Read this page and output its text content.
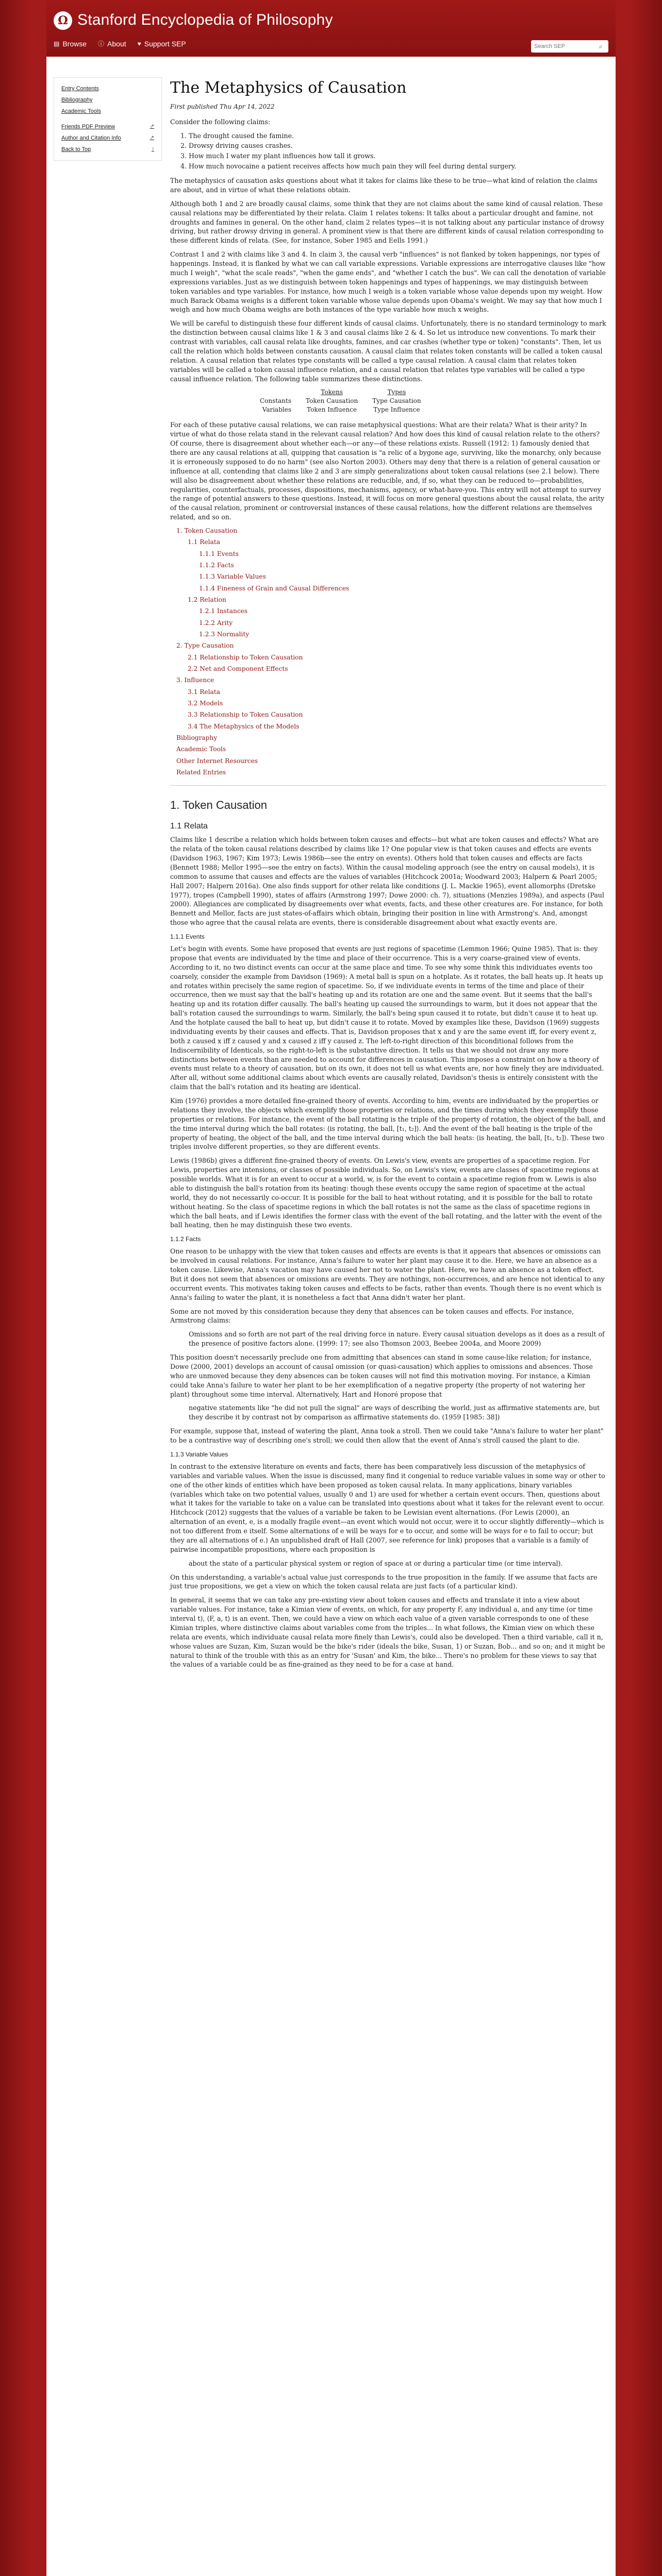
Ω Stanford Encyclopedia of Philosophy
▤ Browse ⓘ About ♥ Support SEP
Search SEP	⌕
Entry Contents
Bibliography
Academic Tools
Friends PDF Preview	↗
Author and Citation Info	↗
Back to Top	↑
The Metaphysics of Causation
First published Thu Apr 14, 2022

Consider the following claims:

1. The drought caused the famine.
2. Drowsy driving causes crashes.
3. How much I water my plant influences how tall it grows.
4. How much novocaine a patient receives affects how much pain they will feel during dental surgery.

The metaphysics of causation asks questions about what it takes for claims like these to be true—what kind of relation the claims are about, and in virtue of what these relations obtain.

Although both 1 and 2 are broadly causal claims, some think that they are not claims about the same kind of causal relation. These causal relations may be differentiated by their relata. Claim 1 relates tokens: It talks about a particular drought and famine, not droughts and famines in general. On the other hand, claim 2 relates types—it is not talking about any particular instance of drowsy driving, but rather drowsy driving in general. A prominent view is that there are different kinds of causal relation corresponding to these different kinds of relata. (See, for instance, Sober 1985 and Eells 1991.)

Contrast 1 and 2 with claims like 3 and 4. In claim 3, the causal verb "influences" is not flanked by token happenings, nor types of happenings. Instead, it is flanked by what we can call variable expressions. Variable expressions are interrogative clauses like "how much I weigh", "what the scale reads", "when the game ends", and "whether I catch the bus". We can call the denotation of variable expressions variables. Just as we distinguish between token happenings and types of happenings, we may distinguish between token variables and type variables. For instance, how much I weigh is a token variable whose value depends upon my weight. How much Barack Obama weighs is a different token variable whose value depends upon Obama's weight. We may say that how much I weigh and how much Obama weighs are both instances of the type variable how much x weighs.

We will be careful to distinguish these four different kinds of causal claims. Unfortunately, there is no standard terminology to mark the distinction between causal claims like 1 & 3 and causal claims like 2 & 4. So let us introduce new conventions. To mark their contrast with variables, call causal relata like droughts, famines, and car crashes (whether type or token) "constants". Then, let us call the relation which holds between constants causation. A causal claim that relates token constants will be called a token causal relation. A causal relation that relates type constants will be called a type causal relation. A causal claim that relates token variables will be called a token causal influence relation, and a causal relation that relates type variables will be called a type causal influence relation. The following table summarizes these distinctions.

	Tokens	Types
Constants	Token Causation	Type Causation
Variables	Token Influence	Type Influence

For each of these putative causal relations, we can raise metaphysical questions: What are their relata? What is their arity? In virtue of what do those relata stand in the relevant causal relation? And how does this kind of causal relation relate to the others? Of course, there is disagreement about whether each—or any—of these relations exists. Russell (1912: 1) famously denied that there are any causal relations at all, quipping that causation is "a relic of a bygone age, surviving, like the monarchy, only because it is erroneously supposed to do no harm" (see also Norton 2003). Others may deny that there is a relation of general causation or influence at all, contending that claims like 2 and 3 are simply generalizations about token causal relations (see 2.1 below). There will also be disagreement about whether these relations are reducible, and, if so, what they can be reduced to—probabilities, regularities, counterfactuals, processes, dispositions, mechanisms, agency, or what-have-you. This entry will not attempt to survey the range of potential answers to these questions. Instead, it will focus on more general questions about the causal relata, the arity of the causal relation, prominent or controversial instances of these causal relations, how the different relations are themselves related, and so on.

1. Token Causation
1.1 Relata
1.1.1 Events
1.1.2 Facts
1.1.3 Variable Values
1.1.4 Fineness of Grain and Causal Differences
1.2 Relation
1.2.1 Instances
1.2.2 Arity
1.2.3 Normality
2. Type Causation
2.1 Relationship to Token Causation
2.2 Net and Component Effects
3. Influence
3.1 Relata
3.2 Models
3.3 Relationship to Token Causation
3.4 The Metaphysics of the Models
Bibliography
Academic Tools
Other Internet Resources
Related Entries
1. Token Causation
1.1 Relata

Claims like 1 describe a relation which holds between token causes and effects—but what are token causes and effects? What are the relata of the token causal relations described by claims like 1? One popular view is that token causes and effects are events (Davidson 1963, 1967; Kim 1973; Lewis 1986b—see the entry on events). Others hold that token causes and effects are facts (Bennett 1988; Mellor 1995—see the entry on facts). Within the causal modeling approach (see the entry on causal models), it is common to assume that causes and effects are the values of variables (Hitchcock 2001a; Woodward 2003; Halpern & Pearl 2005; Hall 2007; Halpern 2016a). One also finds support for other relata like conditions (J. L. Mackie 1965), event allomorphs (Dretske 1977), tropes (Campbell 1990), states of affairs (Armstrong 1997; Dowe 2000: ch. 7), situations (Menzies 1989a), and aspects (Paul 2000). Allegiances are complicated by disagreements over what events, facts, and these other creatures are. For instance, for both Bennett and Mellor, facts are just states-of-affairs which obtain, bringing their position in line with Armstrong's. And, amongst those who agree that the causal relata are events, there is considerable disagreement about what exactly events are.

1.1.1 Events

Let's begin with events. Some have proposed that events are just regions of spacetime (Lemmon 1966; Quine 1985). That is: they propose that events are individuated by the time and place of their occurrence. This is a very coarse-grained view of events. According to it, no two distinct events can occur at the same place and time. To see why some think this individuates events too coarsely, consider the example from Davidson (1969): A metal ball is spun on a hotplate. As it rotates, the ball heats up. It heats up and rotates within precisely the same region of spacetime. So, if we individuate events in terms of the time and place of their occurrence, then we must say that the ball's heating up and its rotation are one and the same event. But it seems that the ball's heating up and its rotation differ causally. The ball's heating up caused the surroundings to warm, but it does not appear that the ball's rotation caused the surroundings to warm. Similarly, the ball's being spun caused it to rotate, but didn't cause it to heat up. And the hotplate caused the ball to heat up, but didn't cause it to rotate. Moved by examples like these, Davidson (1969) suggests individuating events by their causes and effects. That is, Davidson proposes that x and y are the same event iff, for every event z, both z caused x iff z caused y and x caused z iff y caused z. The left-to-right direction of this biconditional follows from the Indiscernibility of Identicals, so the right-to-left is the substantive direction. It tells us that we should not draw any more distinctions between events than are needed to account for differences in causation. This imposes a constraint on how a theory of events must relate to a theory of causation, but on its own, it does not tell us what events are, nor how finely they are individuated. After all, without some additional claims about which events are causally related, Davidson's thesis is entirely consistent with the claim that the ball's rotation and its heating are identical.

Kim (1976) provides a more detailed fine-grained theory of events. According to him, events are individuated by the properties or relations they involve, the objects which exemplify those properties or relations, and the times during which they exemplify those properties or relations. For instance, the event of the ball rotating is the triple of the property of rotation, the object of the ball, and the time interval during which the ball rotates: ⟨is rotating, the ball, [t₁, t₂]⟩. And the event of the ball heating is the triple of the property of heating, the object of the ball, and the time interval during which the ball heats: ⟨is heating, the ball, [t₁, t₂]⟩. These two triples involve different properties, so they are different events.

Lewis (1986b) gives a different fine-grained theory of events. On Lewis's view, events are properties of a spacetime region. For Lewis, properties are intensions, or classes of possible individuals. So, on Lewis's view, events are classes of spacetime regions at possible worlds. What it is for an event to occur at a world, w, is for the event to contain a spacetime region from w. Lewis is also able to distinguish the ball's rotation from its heating: though these events occupy the same region of spacetime at the actual world, they do not necessarily co-occur. It is possible for the ball to heat without rotating, and it is possible for the ball to rotate without heating. So the class of spacetime regions in which the ball rotates is not the same as the class of spacetime regions in which the ball heats, and if Lewis identifies the former class with the event of the ball rotating, and the latter with the event of the ball heating, then he may distinguish these two events.

1.1.2 Facts

One reason to be unhappy with the view that token causes and effects are events is that it appears that absences or omissions can be involved in causal relations. For instance, Anna's failure to water her plant may cause it to die. Here, we have an absence as a token cause. Likewise, Anna's vacation may have caused her not to water the plant. Here, we have an absence as a token effect. But it does not seem that absences or omissions are events. They are nothings, non-occurrences, and are hence not identical to any occurrent events. This motivates taking token causes and effects to be facts, rather than events. Though there is no event which is Anna's failing to water the plant, it is nonetheless a fact that Anna didn't water her plant.

Some are not moved by this consideration because they deny that absences can be token causes and effects. For instance, Armstrong claims:

Omissions and so forth are not part of the real driving force in nature. Every causal situation develops as it does as a result of the presence of positive factors alone. (1999: 17; see also Thomson 2003, Beebee 2004a, and Moore 2009)

This position doesn't necessarily preclude one from admitting that absences can stand in some cause-like relation; for instance, Dowe (2000, 2001) develops an account of causal omission (or quasi-causation) which applies to omissions and absences. Those who are unmoved because they deny absences can be token causes will not find this motivation moving. For instance, a Kimian could take Anna's failure to water her plant to be her exemplification of a negative property (the property of not watering her plant) throughout some time interval. Alternatively, Hart and Honoré propose that

negative statements like "he did not pull the signal" are ways of describing the world, just as affirmative statements are, but they describe it by contrast not by comparison as affirmative statements do. (1959 [1985: 38])

For example, suppose that, instead of watering the plant, Anna took a stroll. Then we could take "Anna's failure to water her plant" to be a contrastive way of describing one's stroll; we could then allow that the event of Anna's stroll caused the plant to die.

1.1.3 Variable Values

In contrast to the extensive literature on events and facts, there has been comparatively less discussion of the metaphysics of variables and variable values. When the issue is discussed, many find it congenial to reduce variable values in some way or other to one of the other kinds of entities which have been proposed as token causal relata. In many applications, binary variables (variables which take on two potential values, usually 0 and 1) are used for whether a certain event occurs. Then, questions about what it takes for the variable to take on a value can be translated into questions about what it takes for the relevant event to occur. Hitchcock (2012) suggests that the values of a variable be taken to be Lewisian event alternations. (For Lewis (2000), an alternation of an event, e, is a modally fragile event—an event which would not occur, were it to occur slightly differently—which is not too different from e itself. Some alternations of e will be ways for e to occur, and some will be ways for e to fail to occur; but they are all alternations of e.) An unpublished draft of Hall (2007, see reference for link) proposes that a variable is a family of pairwise incompatible propositions, where each proposition is

about the state of a particular physical system or region of space at or during a particular time (or time interval).

On this understanding, a variable's actual value just corresponds to the true proposition in the family. If we assume that facts are just true propositions, we get a view on which the token causal relata are just facts (of a particular kind).

In general, it seems that we can take any pre-existing view about token causes and effects and translate it into a view about variable values. For instance, take a Kimian view of events, on which, for any property F, any individual a, and any time (or time interval t), ⟨F, a, t⟩ is an event. Then, we could have a view on which each value of a given variable corresponds to one of these Kimian triples, where distinctive claims about variables come from the triples... In what follows, the Kimian view on which these relata are events, which individuate causal relata more finely than Lewis's, could also be developed. Then a third variable, call it n, whose values are Suzan, Kim, Suzan would be the bike's rider (ideals the bike, Susan, 1) or Suzan, Bob... and so on; and it might be natural to think of the trouble with this as an entry for 'Susan' and Kim, the bike... There's no problem for these views to say that the values of a variable could be as fine-grained as they need to be for a case at hand.
